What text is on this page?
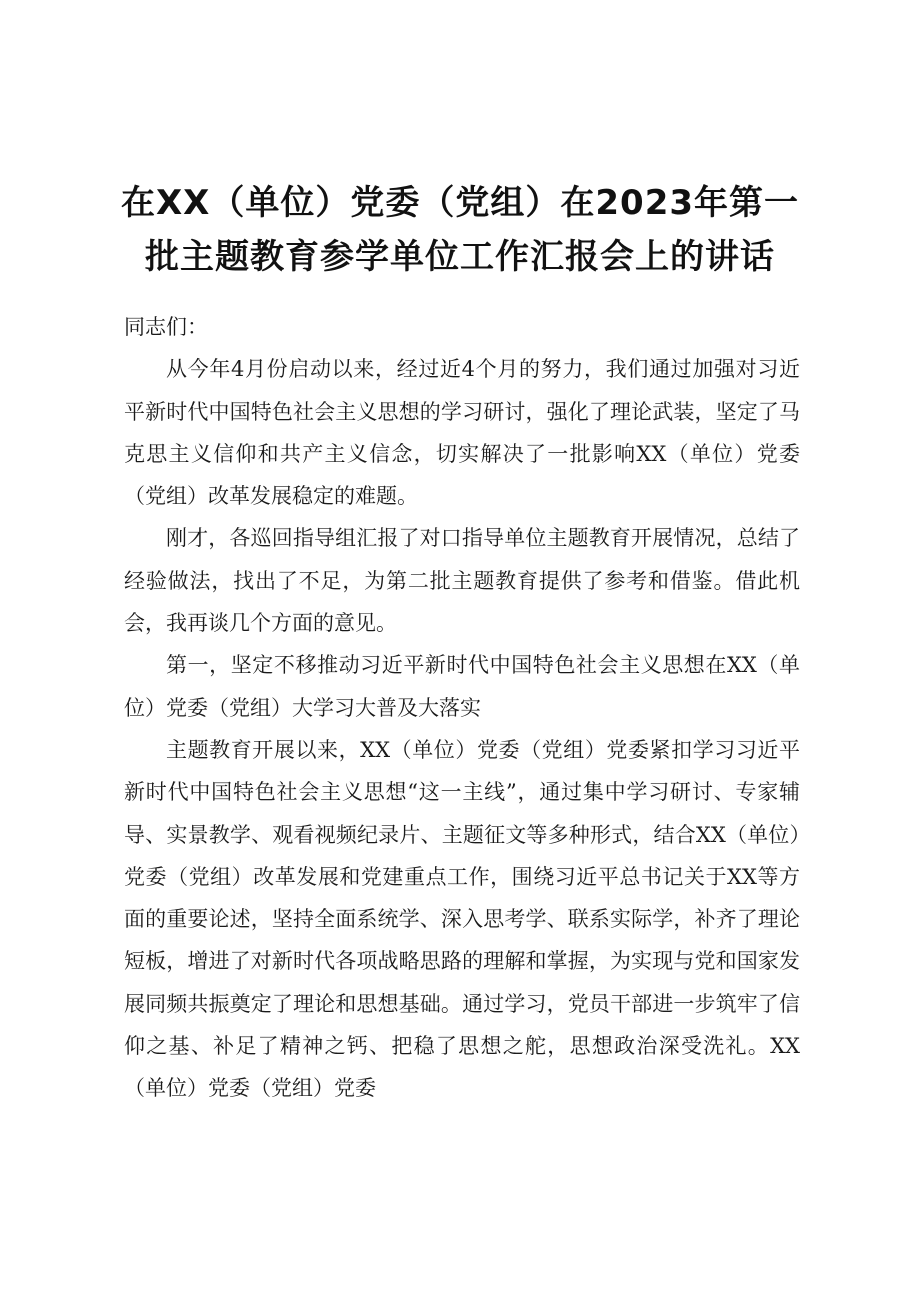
在XX（单位）党委（党组）在2023年第一
批主题教育参学单位工作汇报会上的讲话

同志们：

从今年4月份启动以来，经过近4个月的努力，我们通过加强对习近平新时代中国特色社会主义思想的学习研讨，强化了理论武装，坚定了马克思主义信仰和共产主义信念，切实解决了一批影响XX（单位）党委（党组）改革发展稳定的难题。

刚才，各巡回指导组汇报了对口指导单位主题教育开展情况，总结了经验做法，找出了不足，为第二批主题教育提供了参考和借鉴。借此机会，我再谈几个方面的意见。

第一，坚定不移推动习近平新时代中国特色社会主义思想在XX（单位）党委（党组）大学习大普及大落实

主题教育开展以来，XX（单位）党委（党组）党委紧扣学习习近平新时代中国特色社会主义思想“这一主线”，通过集中学习研讨、专家辅导、实景教学、观看视频纪录片、主题征文等多种形式，结合XX（单位）党委（党组）改革发展和党建重点工作，围绕习近平总书记关于XX等方面的重要论述，坚持全面系统学、深入思考学、联系实际学，补齐了理论短板，增进了对新时代各项战略思路的理解和掌握，为实现与党和国家发展同频共振奠定了理论和思想基础。通过学习，党员干部进一步筑牢了信仰之基、补足了精神之钙、把稳了思想之舵，思想政治深受洗礼。XX（单位）党委（党组）党委
